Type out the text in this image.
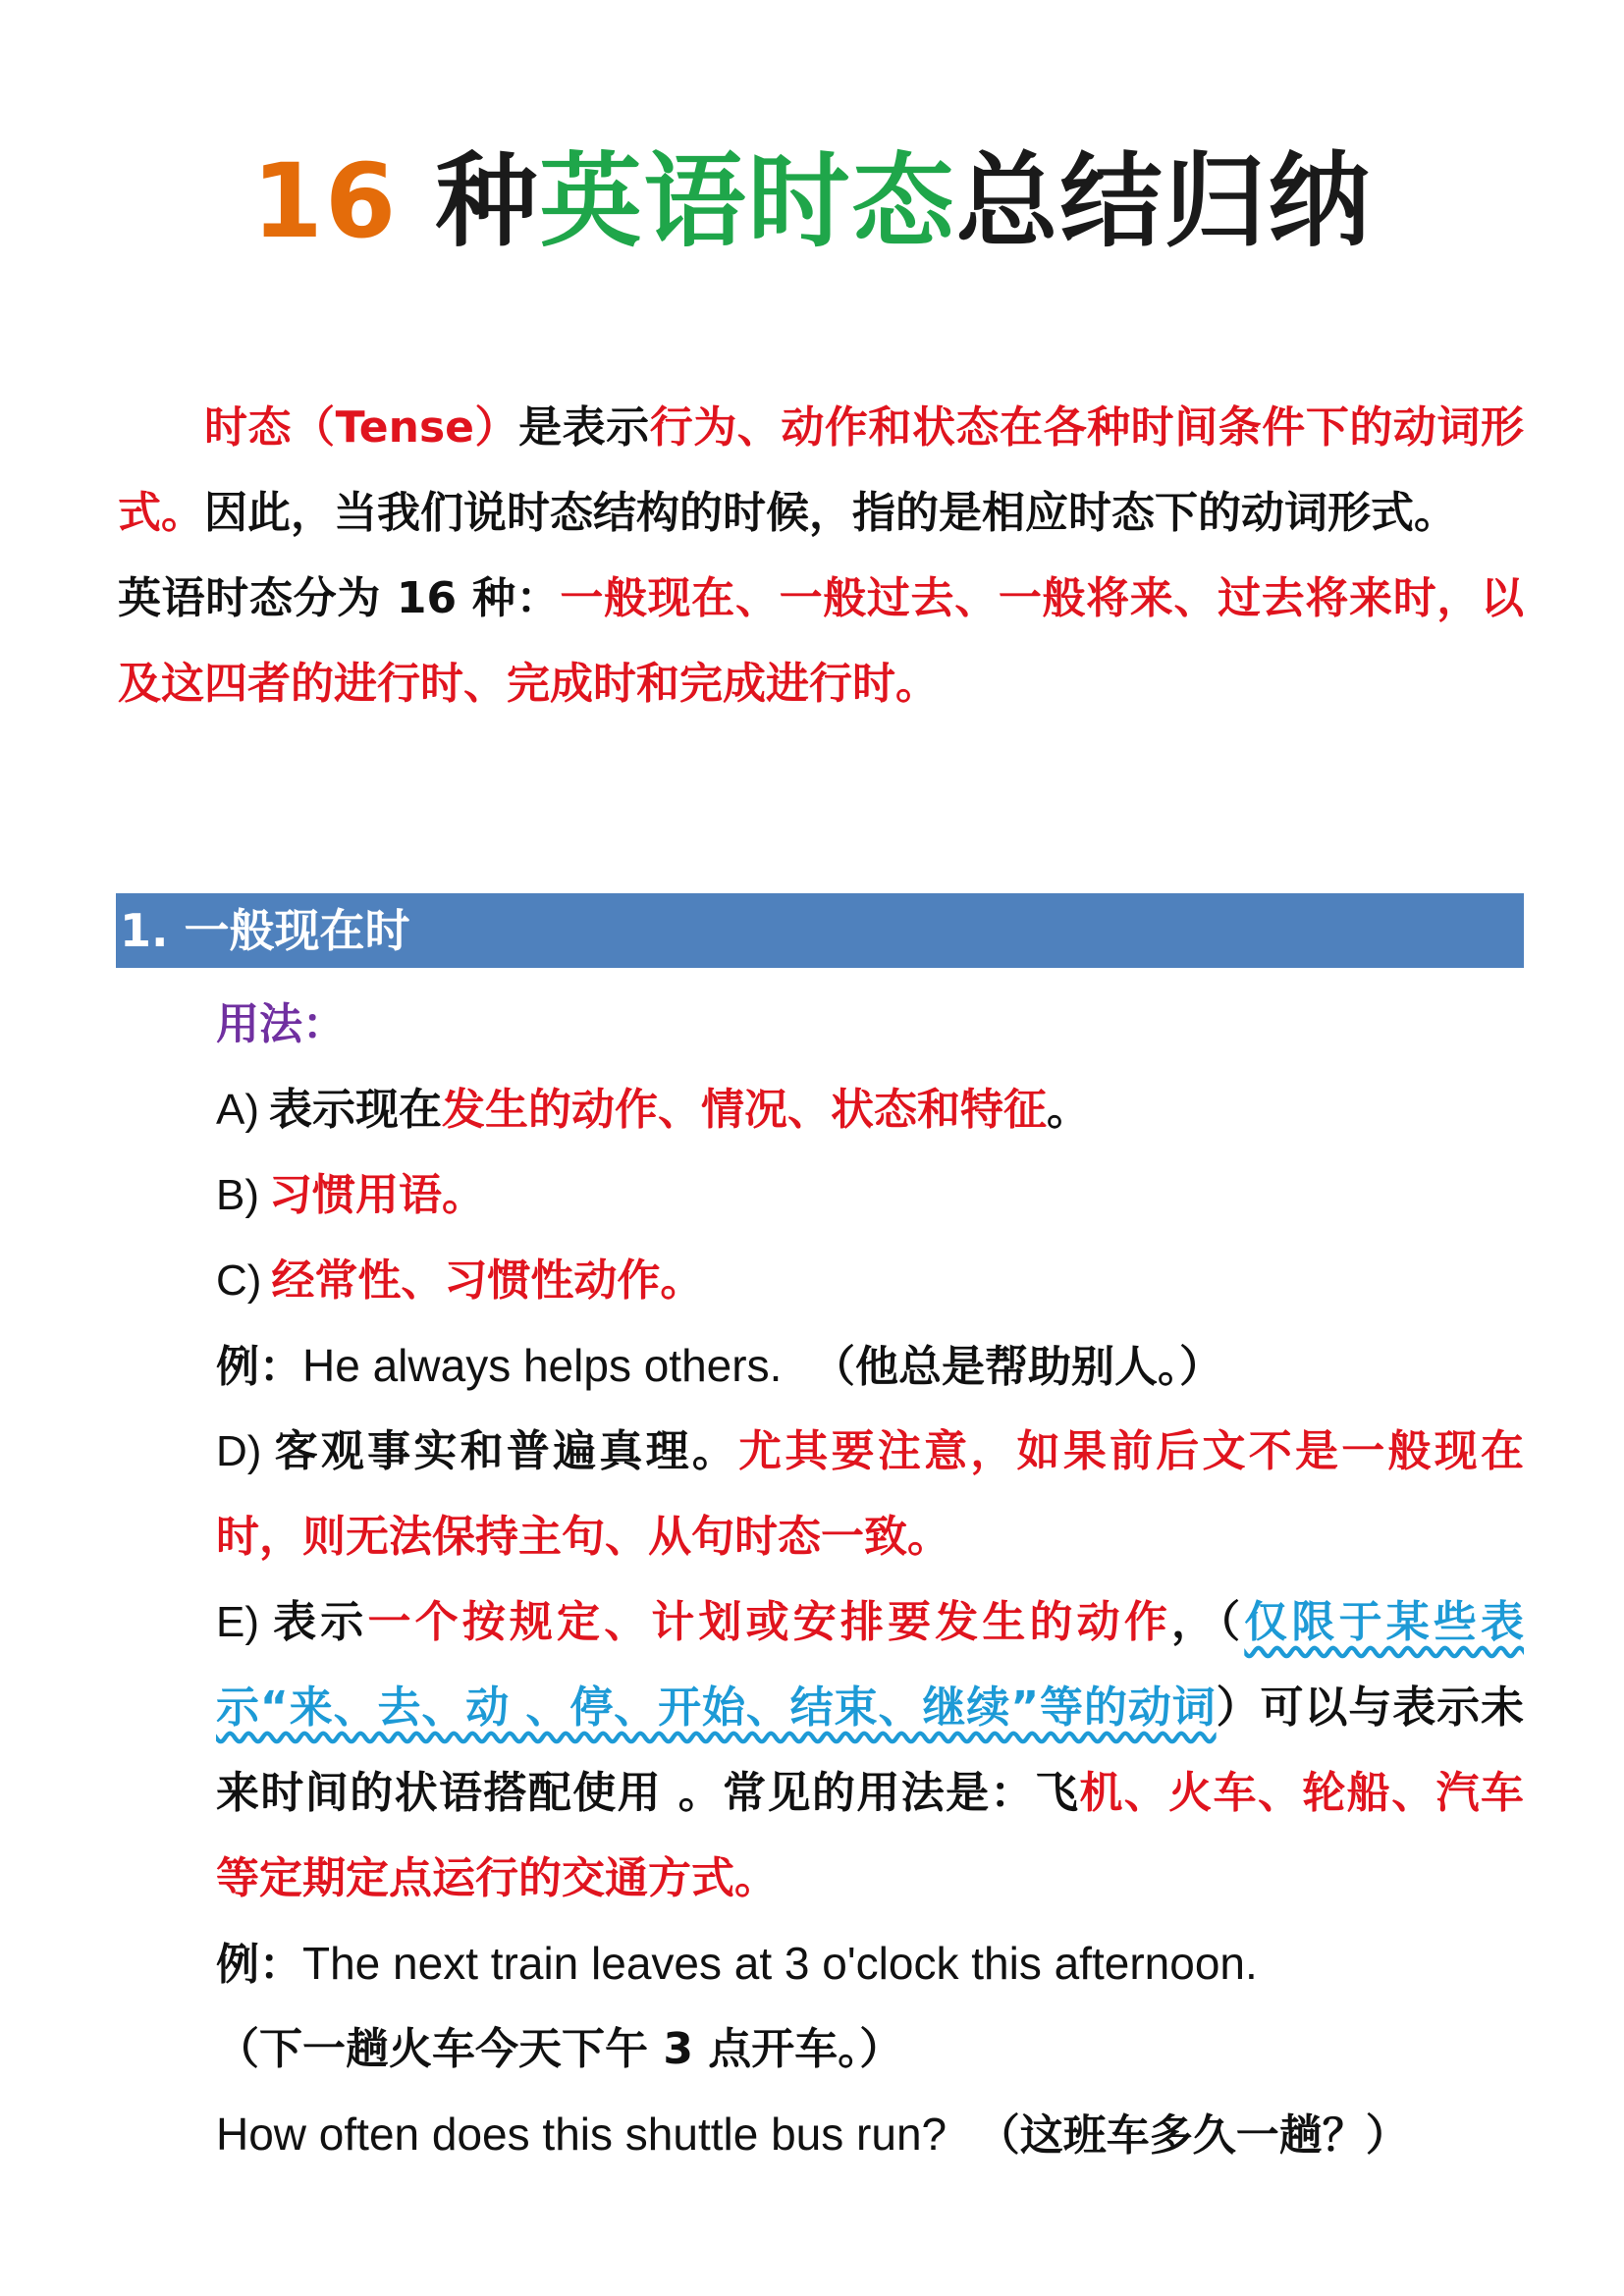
16 种英语时态总结归纳
时态（Tense）是表示行为、动作和状态在各种时间条件下的动词形式。因此，当我们说时态结构的时候，指的是相应时态下的动词形式。
英语时态分为 16 种：一般现在、一般过去、一般将来、过去将来时，以及这四者的进行时、完成时和完成进行时。
1. 一般现在时
用法：
A) 表示现在发生的动作、情况、状态和特征。
B) 习惯用语。
C) 经常性、习惯性动作。
例：He always helps others. （他总是帮助别人。）
D) 客观事实和普遍真理。尤其要注意，如果前后文不是一般现在时，则无法保持主句、从句时态一致。
E) 表示一个按规定、计划或安排要发生的动作，（仅限于某些表示“来、去、动 、停、开始、结束、继续”等的动词）可以与表示未来时间的状语搭配使用 。常见的用法是：飞机、火车、轮船、汽车等定期定点运行的交通方式。
例：The next train leaves at 3 o'clock this afternoon.
（下一趟火车今天下午 3 点开车。）
How often does this shuttle bus run? （这班车多久一趟？）
